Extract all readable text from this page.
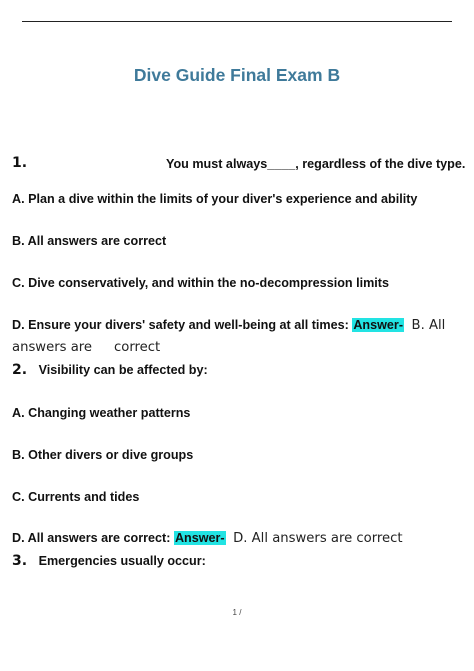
Dive Guide Final Exam B
1.	You must always____, regardless of the dive type.
A. Plan a dive within the limits of your diver's experience and ability
B. All answers are correct
C. Dive conservatively, and within the no-decompression limits
D. Ensure your divers' safety and well-being at all times: Answer- B. All
answers are correct
2. Visibility can be affected by:
A. Changing weather patterns
B. Other divers or dive groups
C. Currents and tides
D. All answers are correct: Answer- D. All answers are correct
3. Emergencies usually occur:
1 /
